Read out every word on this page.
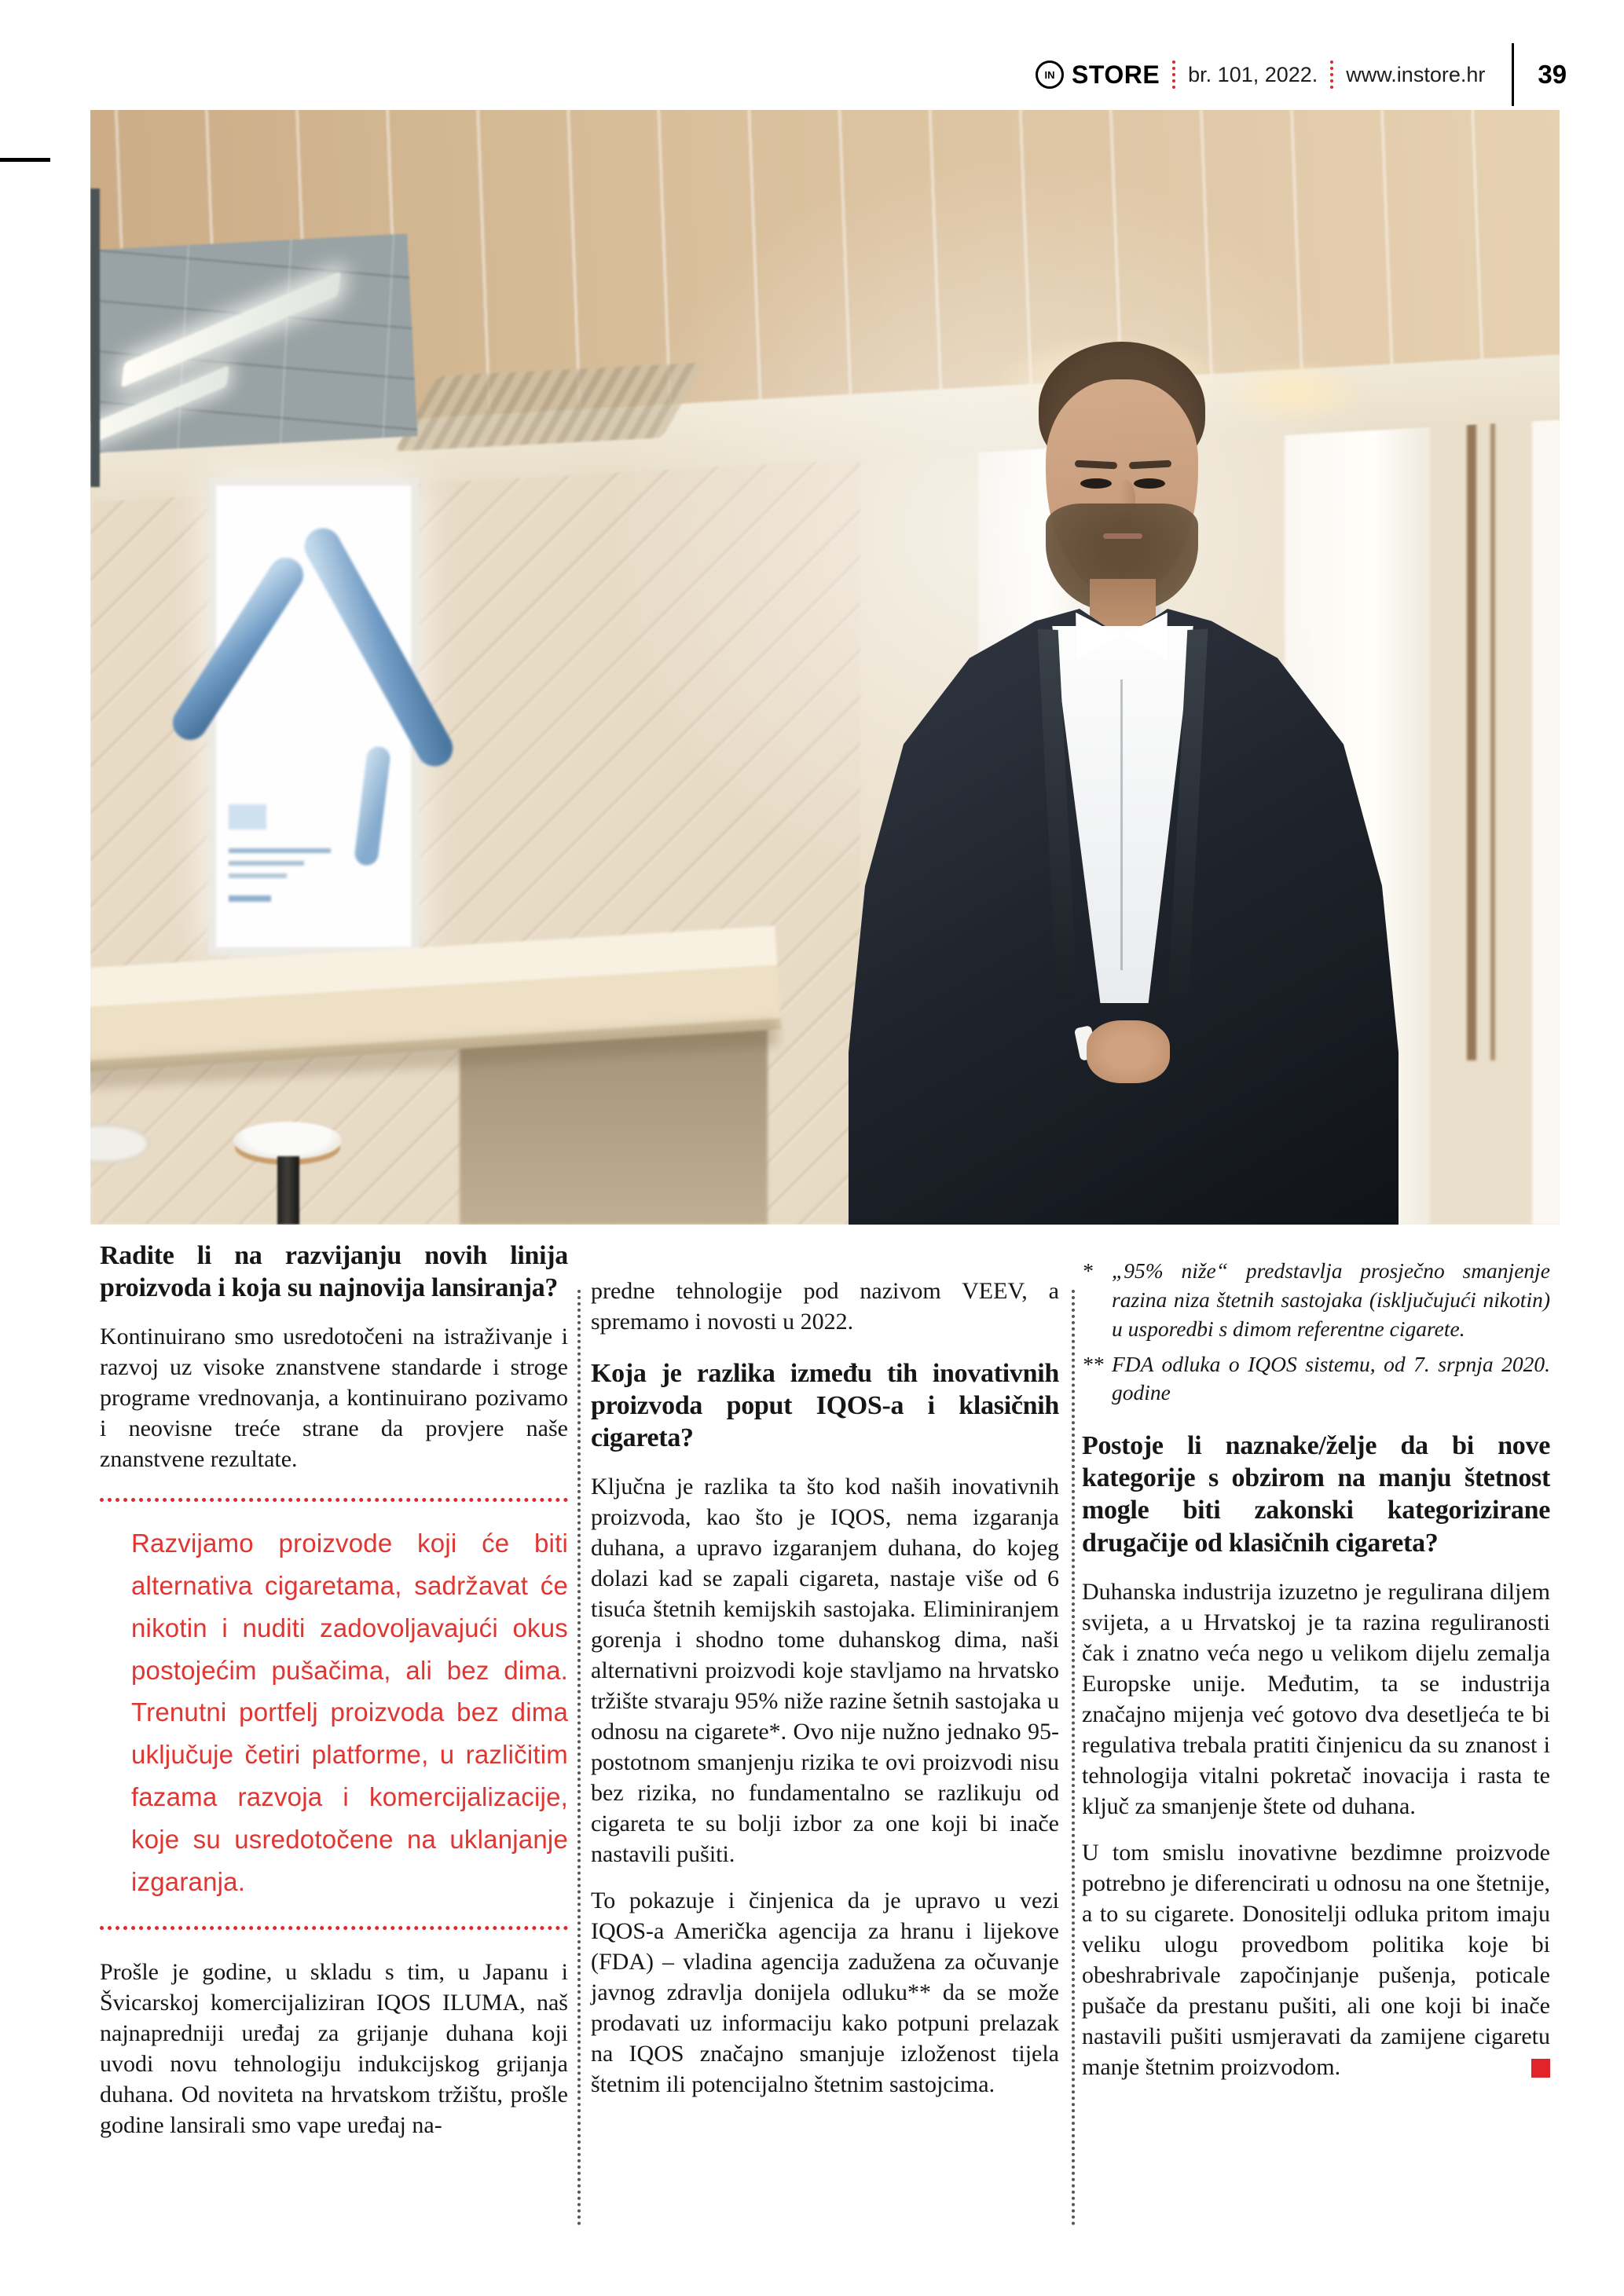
IN STORE br. 101, 2022. www.instore.hr 39
Radite li na razvijanju novih linija proizvoda i koja su najnovija lansiranja?

Kontinuirano smo usredotočeni na istraživanje i razvoj uz visoke znanstvene standarde i stroge programe vrednovanja, a kontinuirano pozivamo i neovisne treće strane da provjere naše znanstvene rezultate.

Razvijamo proizvode koji će biti alternativa cigaretama, sadržavat će nikotin i nuditi zadovoljavajući okus postojećim pušačima, ali bez dima. Trenutni portfelj proizvoda bez dima uključuje četiri platforme, u različitim fazama razvoja i komercijalizacije, koje su usredotočene na uklanjanje izgaranja.

Prošle je godine, u skladu s tim, u Japanu i Švicarskoj komercijaliziran IQOS ILUMA, naš najnapredniji uređaj za grijanje duhana koji uvodi novu tehnologiju indukcijskog grijanja duhana. Od noviteta na hrvatskom tržištu, prošle godine lansirali smo vape uređaj na-

predne tehnologije pod nazivom VEEV, a spremamo i novosti u 2022.

Koja je razlika između tih inovativnih proizvoda poput IQOS-a i klasičnih cigareta?

Ključna je razlika ta što kod naših inovativnih proizvoda, kao što je IQOS, nema izgaranja duhana, a upravo izgaranjem duhana, do kojeg dolazi kad se zapali cigareta, nastaje više od 6 tisuća štetnih kemijskih sastojaka. Eliminiranjem gorenja i shodno tome duhanskog dima, naši alternativni proizvodi koje stavljamo na hrvatsko tržište stvaraju 95% niže razine šetnih sastojaka u odnosu na cigarete*. Ovo nije nužno jednako 95-postotnom smanjenju rizika te ovi proizvodi nisu bez rizika, no fundamentalno se razlikuju od cigareta te su bolji izbor za one koji bi inače nastavili pušiti.

To pokazuje i činjenica da je upravo u vezi IQOS-a Američka agencija za hranu i lijekove (FDA) – vladina agencija zadužena za očuvanje javnog zdravlja donijela odluku** da se može prodavati uz informaciju kako potpuni prelazak na IQOS značajno smanjuje izloženost tijela štetnim ili potencijalno štetnim sastojcima.

* „95% niže“ predstavlja prosječno smanjenje razina niza štetnih sastojaka (isključujući nikotin) u usporedbi s dimom referentne cigarete.
** FDA odluka o IQOS sistemu, od 7. srpnja 2020. godine
Postoje li naznake/želje da bi nove kategorije s obzirom na manju štetnost mogle biti zakonski kategorizirane drugačije od klasičnih cigareta?

Duhanska industrija izuzetno je regulirana diljem svijeta, a u Hrvatskoj je ta razina reguliranosti čak i znatno veća nego u velikom dijelu zemalja Europske unije. Međutim, ta se industrija značajno mijenja već gotovo dva desetljeća te bi regulativa trebala pratiti činjenicu da su znanost i tehnologija vitalni pokretač inovacija i rasta te ključ za smanjenje štete od duhana.

U tom smislu inovativne bezdimne proizvode potrebno je diferencirati u odnosu na one štetnije, a to su cigarete. Donositelji odluka pritom imaju veliku ulogu provedbom politika koje bi obeshrabrivale započinjanje pušenja, poticale pušače da prestanu pušiti, ali one koji bi inače nastavili pušiti usmjeravati da zamijene cigaretu manje štetnim proizvodom.
